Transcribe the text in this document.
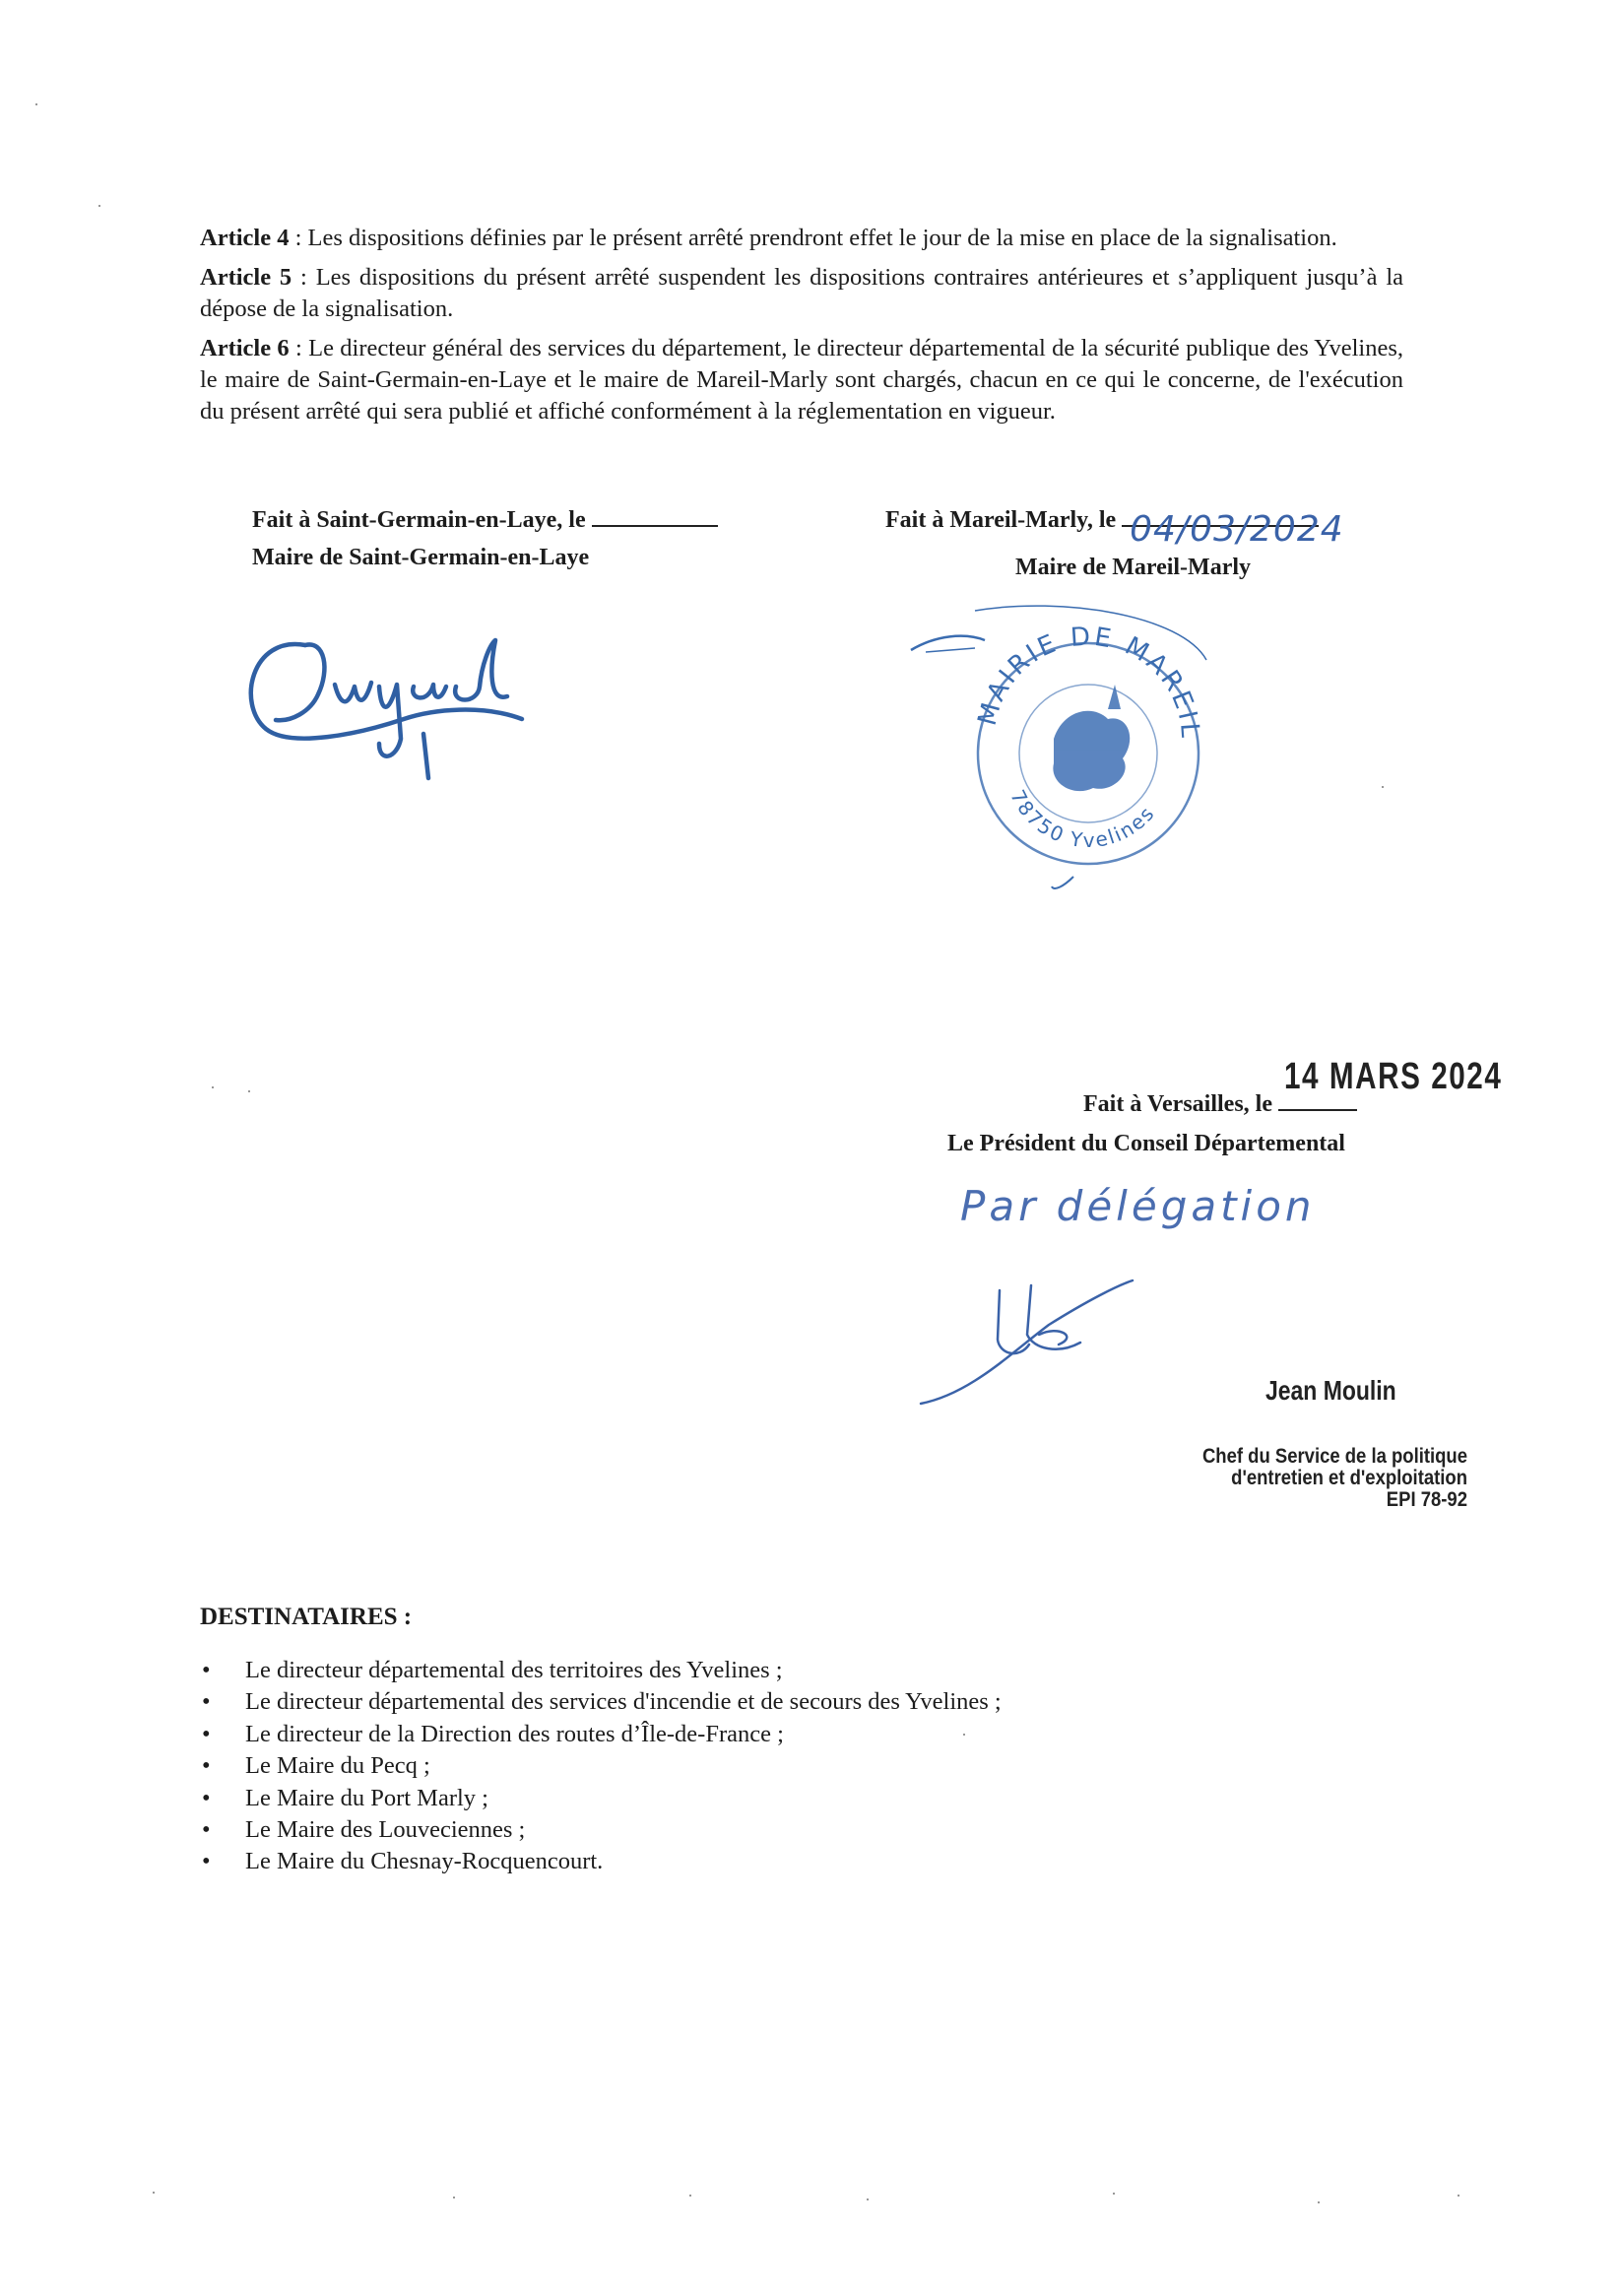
Article 4 : Les dispositions définies par le présent arrêté prendront effet le jour de la mise en place de la signalisation.

Article 5 : Les dispositions du présent arrêté suspendent les dispositions contraires antérieures et s’appliquent jusqu’à la dépose de la signalisation.

Article 6 : Le directeur général des services du département, le directeur départemental de la sécurité publique des Yvelines, le maire de Saint-Germain-en-Laye et le maire de Mareil-Marly sont chargés, chacun en ce qui le concerne, de l'exécution du présent arrêté qui sera publié et affiché conformément à la réglementation en vigueur.

Fait à Saint-Germain-en-Laye, le
Maire de Saint-Germain-en-Laye
Fait à Mareil-Marly, le 04/03/2024
Maire de Mareil-Marly
MAIRIE DE MAREIL-MARLY
78750 Yvelines
14 MARS 2024
Fait à Versailles, le
Le Président du Conseil Départemental
Par délégation
Jean Moulin
Chef du Service de la politique
d'entretien et d'exploitation
EPI 78-92
DESTINATAIRES :
• Le directeur départemental des territoires des Yvelines ;
• Le directeur départemental des services d'incendie et de secours des Yvelines ;
• Le directeur de la Direction des routes d’Île-de-France ;
• Le Maire du Pecq ;
• Le Maire du Port Marly ;
• Le Maire des Louveciennes ;
• Le Maire du Chesnay-Rocquencourt.
